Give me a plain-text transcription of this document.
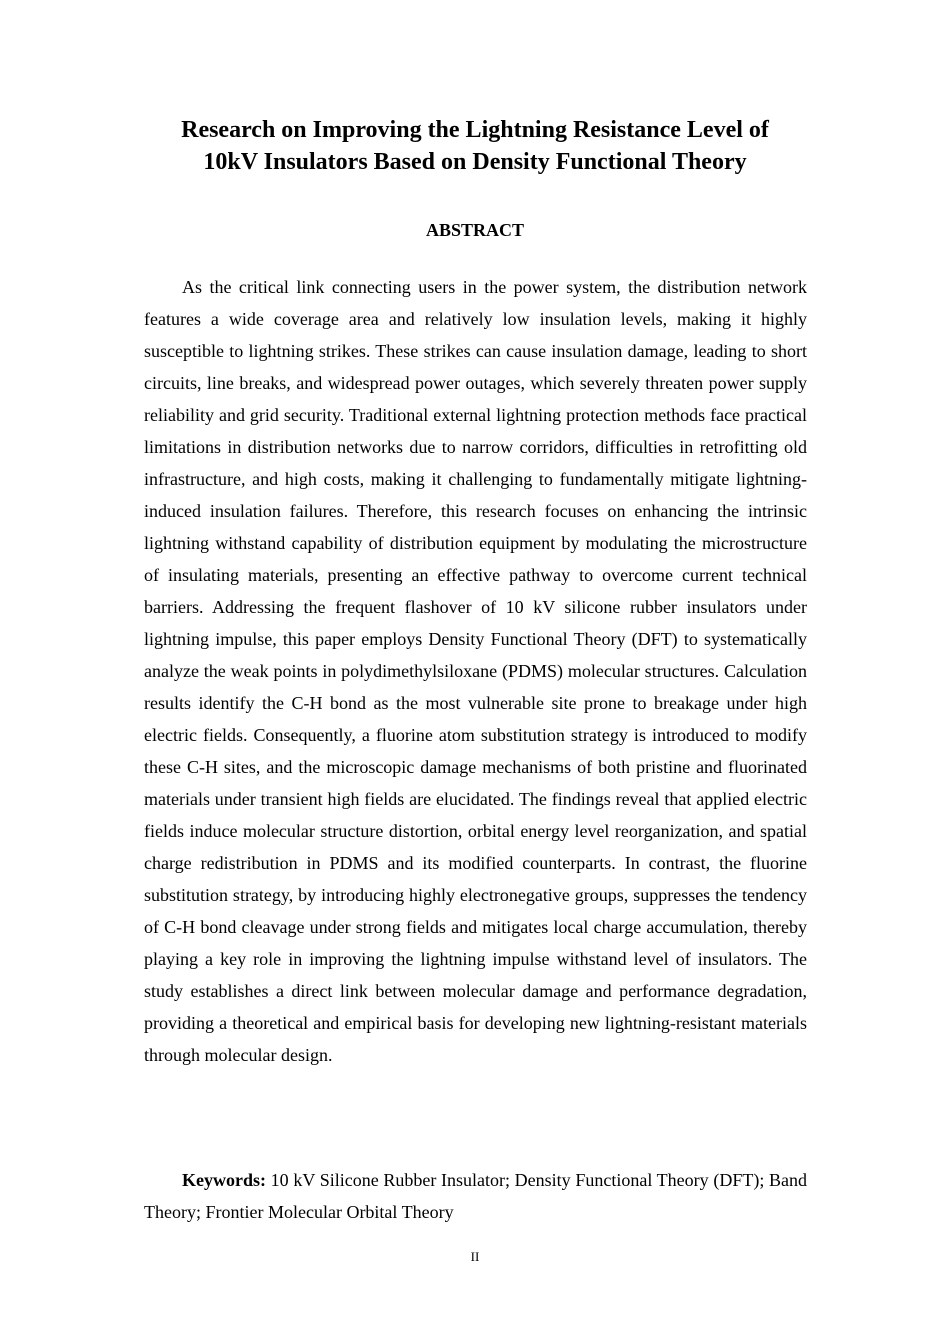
Research on Improving the Lightning Resistance Level of
10kV Insulators Based on Density Functional Theory
ABSTRACT
As the critical link connecting users in the power system, the distribution network features a wide coverage area and relatively low insulation levels, making it highly susceptible to lightning strikes. These strikes can cause insulation damage, leading to short circuits, line breaks, and widespread power outages, which severely threaten power supply reliability and grid security. Traditional external lightning protection methods face practical limitations in distribution networks due to narrow corridors, difficulties in retrofitting old infrastructure, and high costs, making it challenging to fundamentally mitigate lightning-induced insulation failures. Therefore, this research focuses on enhancing the intrinsic lightning withstand capability of distribution equipment by modulating the microstructure of insulating materials, presenting an effective pathway to overcome current technical barriers. Addressing the frequent flashover of 10 kV silicone rubber insulators under lightning impulse, this paper employs Density Functional Theory (DFT) to systematically analyze the weak points in polydimethylsiloxane (PDMS) molecular structures. Calculation results identify the C-H bond as the most vulnerable site prone to breakage under high electric fields. Consequently, a fluorine atom substitution strategy is introduced to modify these C-H sites, and the microscopic damage mechanisms of both pristine and fluorinated materials under transient high fields are elucidated. The findings reveal that applied electric fields induce molecular structure distortion, orbital energy level reorganization, and spatial charge redistribution in PDMS and its modified counterparts. In contrast, the fluorine substitution strategy, by introducing highly electronegative groups, suppresses the tendency of C-H bond cleavage under strong fields and mitigates local charge accumulation, thereby playing a key role in improving the lightning impulse withstand level of insulators. The study establishes a direct link between molecular damage and performance degradation, providing a theoretical and empirical basis for developing new lightning-resistant materials through molecular design.
Keywords: 10 kV Silicone Rubber Insulator; Density Functional Theory (DFT); Band Theory; Frontier Molecular Orbital Theory
II
